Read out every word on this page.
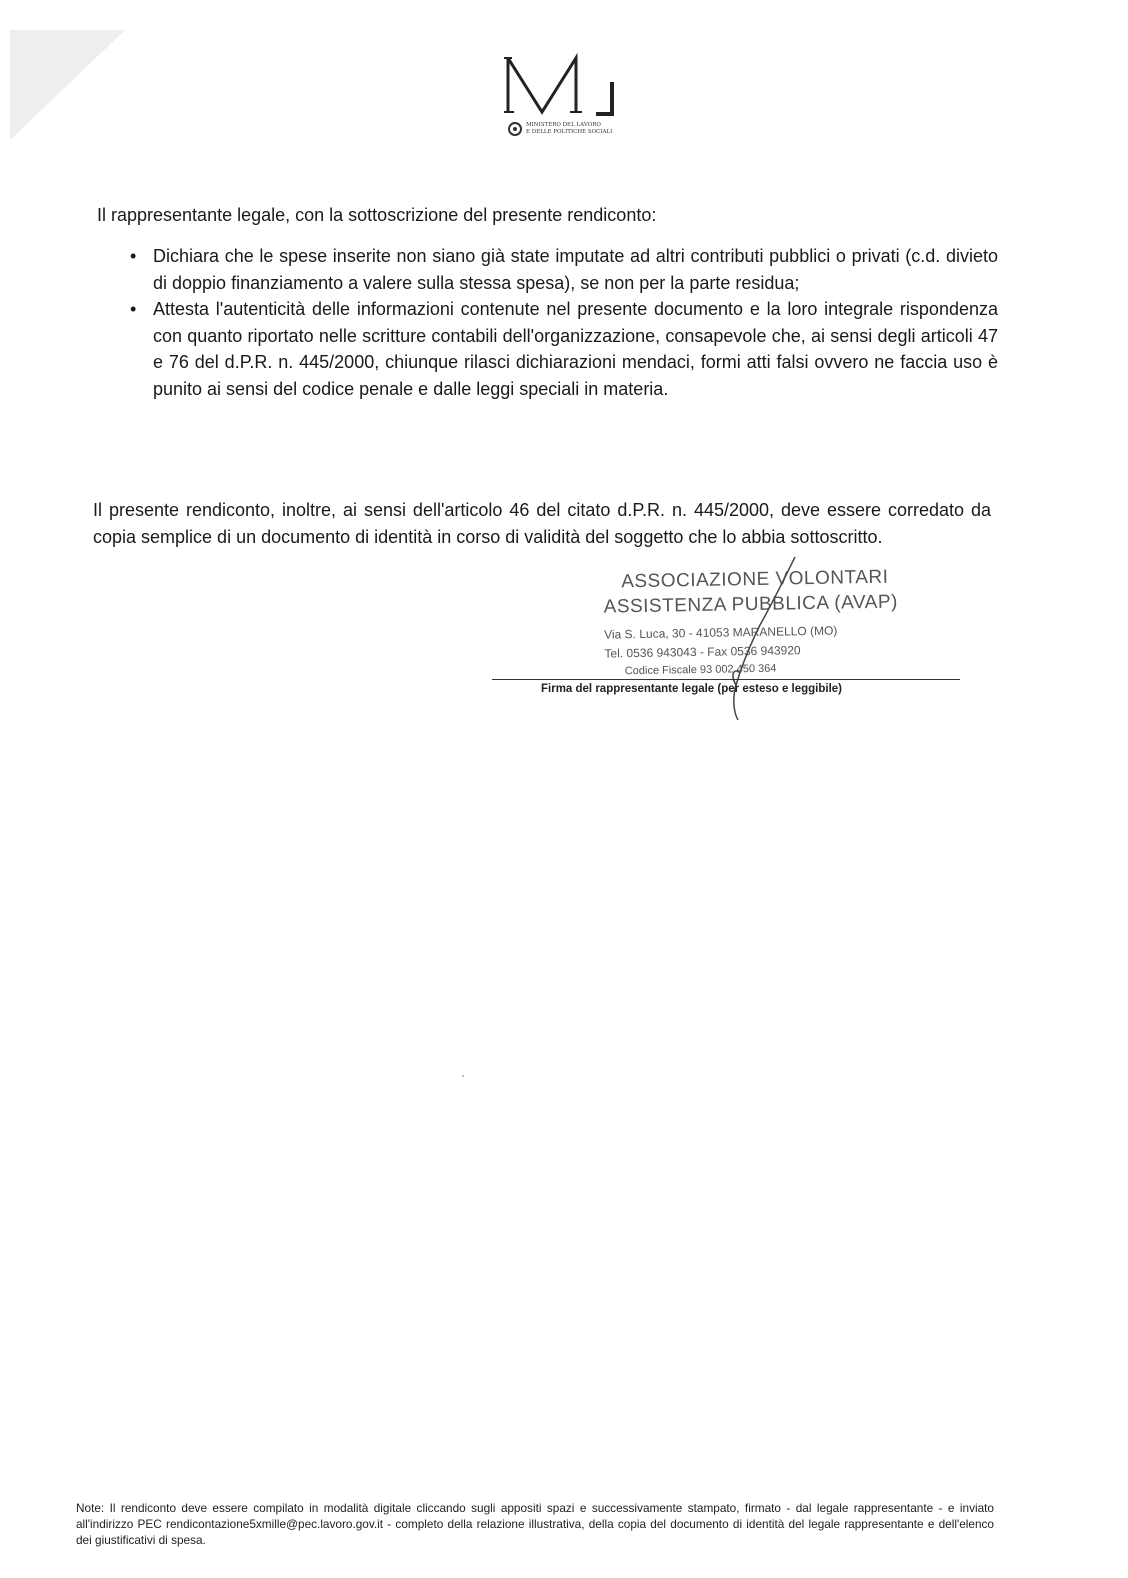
MINISTERO DEL LAVORO
E DELLE POLITICHE SOCIALI

Il rappresentante legale, con la sottoscrizione del presente rendiconto:

• Dichiara che le spese inserite non siano già state imputate ad altri contributi pubblici o privati (c.d. divieto di doppio finanziamento a valere sulla stessa spesa), se non per la parte residua;
• Attesta l'autenticità delle informazioni contenute nel presente documento e la loro integrale rispondenza con quanto riportato nelle scritture contabili dell'organizzazione, consapevole che, ai sensi degli articoli 47 e 76 del d.P.R. n. 445/2000, chiunque rilasci dichiarazioni mendaci, formi atti falsi ovvero ne faccia uso è punito ai sensi del codice penale e dalle leggi speciali in materia.

Il presente rendiconto, inoltre, ai sensi dell'articolo 46 del citato d.P.R. n. 445/2000, deve essere corredato da copia semplice di un documento di identità in corso di validità del soggetto che lo abbia sottoscritto.

ASSOCIAZIONE VOLONTARI
ASSISTENZA PUBBLICA (AVAP)
Via S. Luca, 30 - 41053 MARANELLO (MO)
Tel. 0536 943043 - Fax 0536 943920
Codice Fiscale 93 002 450 364
Firma del rappresentante legale (per esteso e leggibile)

Note: Il rendiconto deve essere compilato in modalità digitale cliccando sugli appositi spazi e successivamente stampato, firmato - dal legale rappresentante - e inviato all'indirizzo PEC rendicontazione5xmille@pec.lavoro.gov.it - completo della relazione illustrativa, della copia del documento di identità del legale rappresentante e dell'elenco dei giustificativi di spesa.
